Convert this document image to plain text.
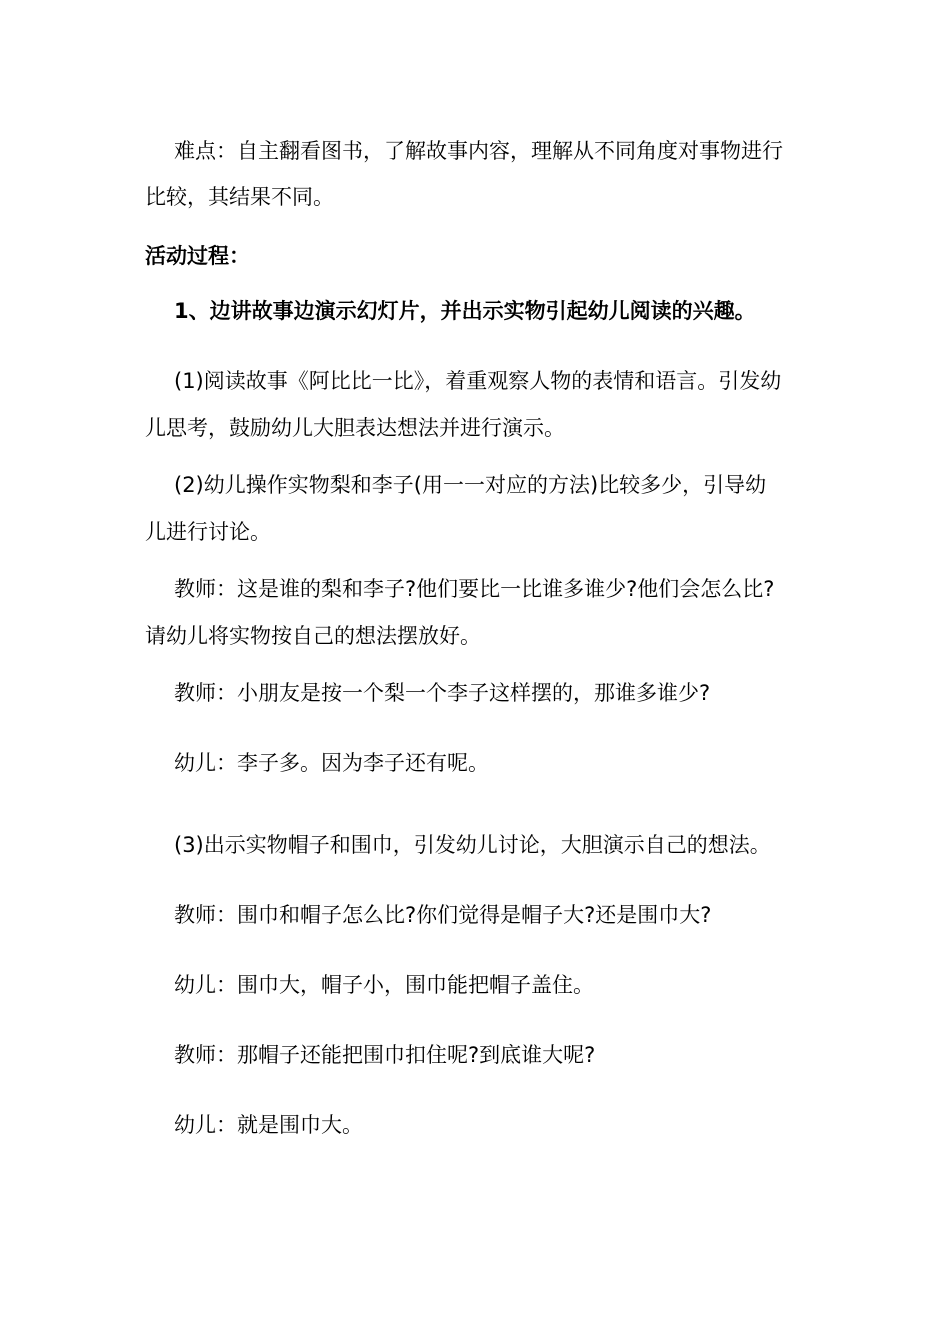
难点：自主翻看图书，了解故事内容，理解从不同角度对事物进行

比较，其结果不同。

活动过程：

1、边讲故事边演示幻灯片，并出示实物引起幼儿阅读的兴趣。

(1)阅读故事《阿比比一比》，着重观察人物的表情和语言。引发幼

儿思考，鼓励幼儿大胆表达想法并进行演示。

(2)幼儿操作实物梨和李子(用一一对应的方法)比较多少，引导幼

儿进行讨论。

教师：这是谁的梨和李子?他们要比一比谁多谁少?他们会怎么比?

请幼儿将实物按自己的想法摆放好。

教师：小朋友是按一个梨一个李子这样摆的，那谁多谁少?

幼儿：李子多。因为李子还有呢。

(3)出示实物帽子和围巾，引发幼儿讨论，大胆演示自己的想法。

教师：围巾和帽子怎么比?你们觉得是帽子大?还是围巾大?

幼儿：围巾大，帽子小，围巾能把帽子盖住。

教师：那帽子还能把围巾扣住呢?到底谁大呢?

幼儿：就是围巾大。
